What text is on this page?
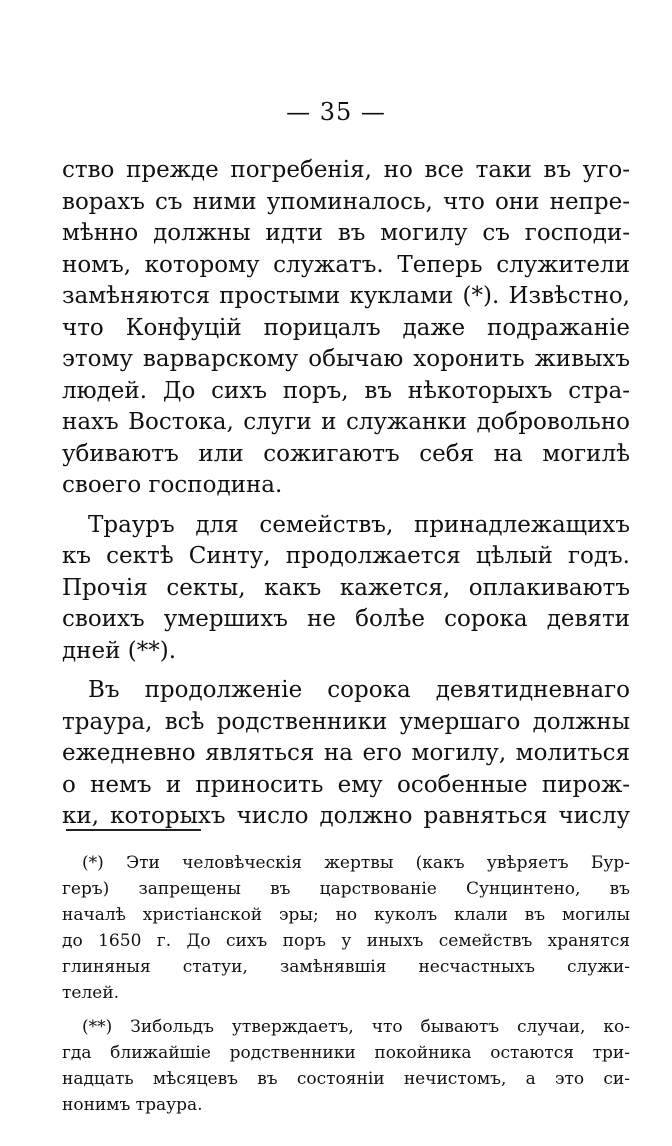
— 35 —
ство прежде погребенія, но все таки въ уго-
ворахъ съ ними упоминалось, что они непре-
мѣнно должны идти въ могилу съ господи-
номъ, которому служатъ. Теперь служители
замѣняются простыми куклами (*). Извѣстно,
что Конфуцій порицалъ даже подражаніе
этому варварскому обычаю хоронить живыхъ
людей. До сихъ поръ, въ нѣкоторыхъ стра-
нахъ Востока, слуги и служанки добровольно
убиваютъ или сожигаютъ себя на могилѣ
своего господина.
Трауръ для семействъ, принадлежащихъ
къ сектѣ Синту, продолжается цѣлый годъ.
Прочія секты, какъ кажется, оплакиваютъ
своихъ умершихъ не болѣе сорока девяти
дней (**).
Въ продолженіе сорока девятидневнаго
траура, всѣ родственники умершаго должны
ежедневно являться на его могилу, молиться
о немъ и приносить ему особенные пирож-
ки, которыхъ число должно равняться числу
(*) Эти человѣческія жертвы (какъ увѣряетъ Бур-
геръ) запрещены въ царствованіе Сунцинтено, въ
началѣ христіанской эры; но куколъ клали въ могилы
до 1650 г. До сихъ поръ у иныхъ семействъ хранятся
глиняныя статуи, замѣнявшія несчастныхъ служи-
телей.
(**) Зибольдъ утверждаетъ, что бываютъ случаи, ко-
гда ближайшіе родственники покойника остаются три-
надцать мѣсяцевъ въ состояніи нечистомъ, а это си-
нонимъ траура.
